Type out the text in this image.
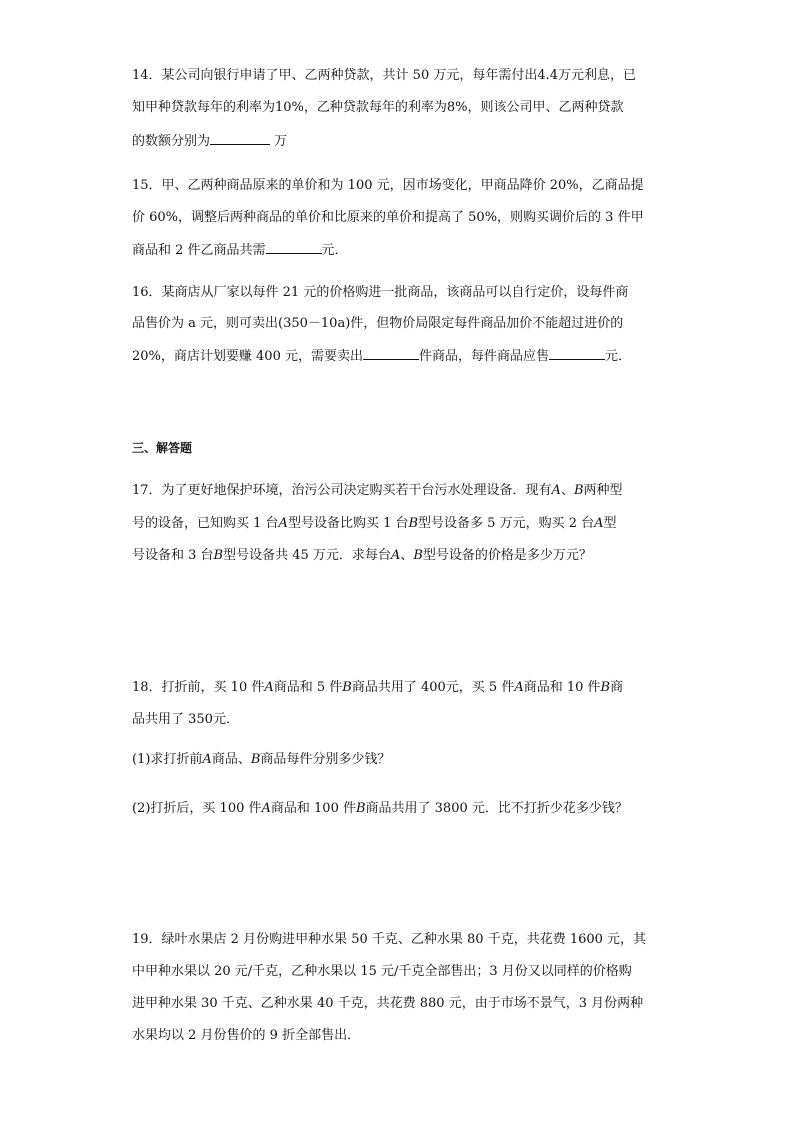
14．某公司向银行申请了甲、乙两种贷款，共计 50 万元，每年需付出4.4万元利息，已
知甲种贷款每年的利率为10%，乙种贷款每年的利率为8%，则该公司甲、乙两种贷款
的数额分别为	万
15．甲、乙两种商品原来的单价和为 100 元，因市场变化，甲商品降价 20%，乙商品提
价 60%，调整后两种商品的单价和比原来的单价和提高了 50%，则购买调价后的 3 件甲
商品和 2 件乙商品共需	元．
16．某商店从厂家以每件 21 元的价格购进一批商品，该商品可以自行定价，设每件商
品售价为 a 元，则可卖出(350－10a)件，但物价局限定每件商品加价不能超过进价的
20%，商店计划要赚 400 元，需要卖出	件商品，每件商品应售	元．
三、解答题
17．为了更好地保护环境，治污公司决定购买若干台污水处理设备．现有A、B两种型
号的设备，已知购买 1 台A型号设备比购买 1 台B型号设备多 5 万元，购买 2 台A型
号设备和 3 台B型号设备共 45 万元．求每台A、B型号设备的价格是多少万元？
18．打折前，买 10 件A商品和 5 件B商品共用了 400元，买 5 件A商品和 10 件B商
品共用了 350元．
(1)求打折前A商品、B商品每件分别多少钱？
(2)打折后，买 100 件A商品和 100 件B商品共用了 3800 元．比不打折少花多少钱？
19．绿叶水果店 2 月份购进甲种水果 50 千克、乙种水果 80 千克，共花费 1600 元，其
中甲种水果以 20 元/千克，乙种水果以 15 元/千克全部售出；3 月份又以同样的价格购
进甲种水果 30 千克、乙种水果 40 千克，共花费 880 元，由于市场不景气，3 月份两种
水果均以 2 月份售价的 9 折全部售出．
